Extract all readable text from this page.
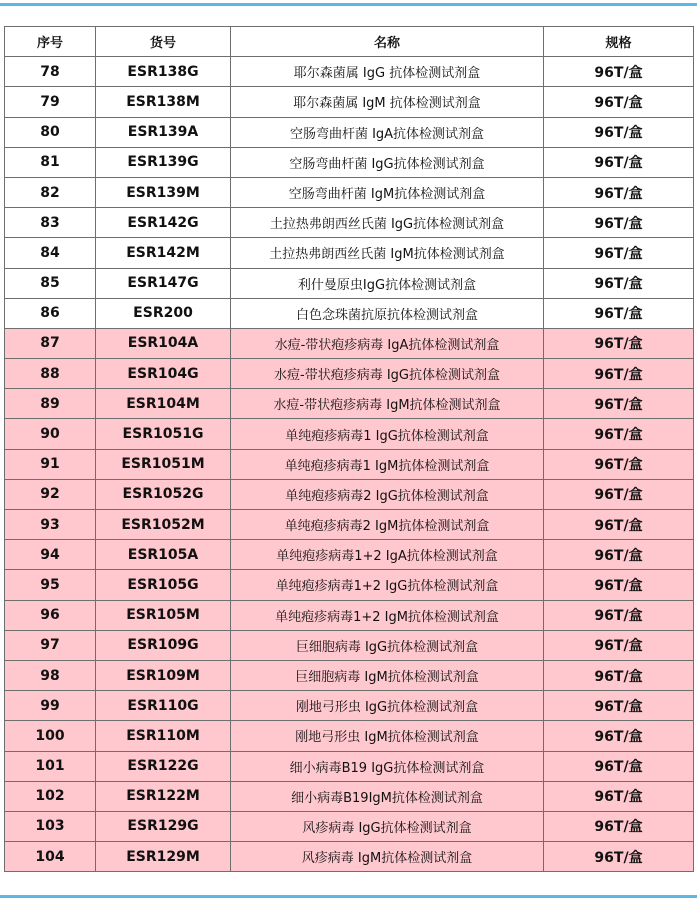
序号	货号	名称	规格
78	ESR138G	耶尔森菌属 IgG 抗体检测试剂盒	96T/盒
79	ESR138M	耶尔森菌属 IgM 抗体检测试剂盒	96T/盒
80	ESR139A	空肠弯曲杆菌 IgA抗体检测试剂盒	96T/盒
81	ESR139G	空肠弯曲杆菌 IgG抗体检测试剂盒	96T/盒
82	ESR139M	空肠弯曲杆菌 IgM抗体检测试剂盒	96T/盒
83	ESR142G	土拉热弗朗西丝氏菌 IgG抗体检测试剂盒	96T/盒
84	ESR142M	土拉热弗朗西丝氏菌 IgM抗体检测试剂盒	96T/盒
85	ESR147G	利什曼原虫IgG抗体检测试剂盒	96T/盒
86	ESR200	白色念珠菌抗原抗体检测试剂盒	96T/盒
87	ESR104A	水痘-带状疱疹病毒 IgA抗体检测试剂盒	96T/盒
88	ESR104G	水痘-带状疱疹病毒 IgG抗体检测试剂盒	96T/盒
89	ESR104M	水痘-带状疱疹病毒 IgM抗体检测试剂盒	96T/盒
90	ESR1051G	单纯疱疹病毒1 IgG抗体检测试剂盒	96T/盒
91	ESR1051M	单纯疱疹病毒1 IgM抗体检测试剂盒	96T/盒
92	ESR1052G	单纯疱疹病毒2 IgG抗体检测试剂盒	96T/盒
93	ESR1052M	单纯疱疹病毒2 IgM抗体检测试剂盒	96T/盒
94	ESR105A	单纯疱疹病毒1+2 IgA抗体检测试剂盒	96T/盒
95	ESR105G	单纯疱疹病毒1+2 IgG抗体检测试剂盒	96T/盒
96	ESR105M	单纯疱疹病毒1+2 IgM抗体检测试剂盒	96T/盒
97	ESR109G	巨细胞病毒 IgG抗体检测试剂盒	96T/盒
98	ESR109M	巨细胞病毒 IgM抗体检测试剂盒	96T/盒
99	ESR110G	刚地弓形虫 IgG抗体检测试剂盒	96T/盒
100	ESR110M	刚地弓形虫 IgM抗体检测试剂盒	96T/盒
101	ESR122G	细小病毒B19 IgG抗体检测试剂盒	96T/盒
102	ESR122M	细小病毒B19IgM抗体检测试剂盒	96T/盒
103	ESR129G	风疹病毒 IgG抗体检测试剂盒	96T/盒
104	ESR129M	风疹病毒 IgM抗体检测试剂盒	96T/盒
